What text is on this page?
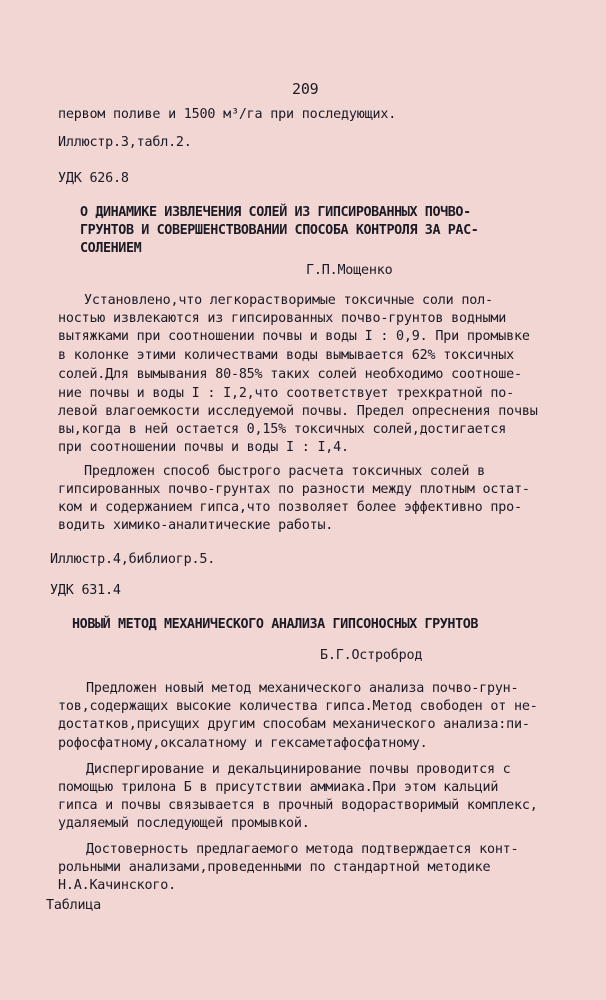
209
первом поливе и 1500 м³/га при последующих.
Иллюстр.3,табл.2.
УДК 626.8
О ДИНАМИКЕ ИЗВЛЕЧЕНИЯ СОЛЕЙ ИЗ ГИПСИРОВАННЫХ ПОЧВО-
ГРУНТОВ И СОВЕРШЕНСТВОВАНИИ СПОСОБА КОНТРОЛЯ ЗА РАС-
СОЛЕНИЕМ
Г.П.Мощенко
Установлено,что легкорастворимые токсичные соли пол-
ностью извлекаются из гипсированных почво-грунтов водными
вытяжками при соотношении почвы и воды I : 0,9. При промывке
в колонке этими количествами воды вымывается 62% токсичных
солей.Для вымывания 80-85% таких солей необходимо соотноше-
ние почвы и воды I : I,2,что соответствует трехкратной по-
левой влагоемкости исследуемой почвы. Предел опреснения почвы
вы,когда в ней остается 0,15% токсичных солей,достигается
при соотношении почвы и воды I : I,4.
Предложен способ быстрого расчета токсичных солей в
гипсированных почво-грунтах по разности между плотным остат-
ком и содержанием гипса,что позволяет более эффективно про-
водить химико-аналитические работы.
Иллюстр.4,библиогр.5.
УДК 631.4
НОВЫЙ МЕТОД МЕХАНИЧЕСКОГО АНАЛИЗА ГИПСОНОСНЫХ ГРУНТОВ
Б.Г.Остроброд
Предложен новый метод механического анализа почво-грун-
тов,содержащих высокие количества гипса.Метод свободен от не-
достатков,присущих другим способам механического анализа:пи-
рофосфатному,оксалатному и гексаметафосфатному.
Диспергирование и декальцинирование почвы проводится с
помощью трилона Б в присутствии аммиака.При этом кальций
гипса и почвы связывается в прочный водорастворимый комплекс,
удаляемый последующей промывкой.
Достоверность предлагаемого метода подтверждается конт-
рольными анализами,проведенными по стандартной методике
Н.А.Качинского.
Таблица
